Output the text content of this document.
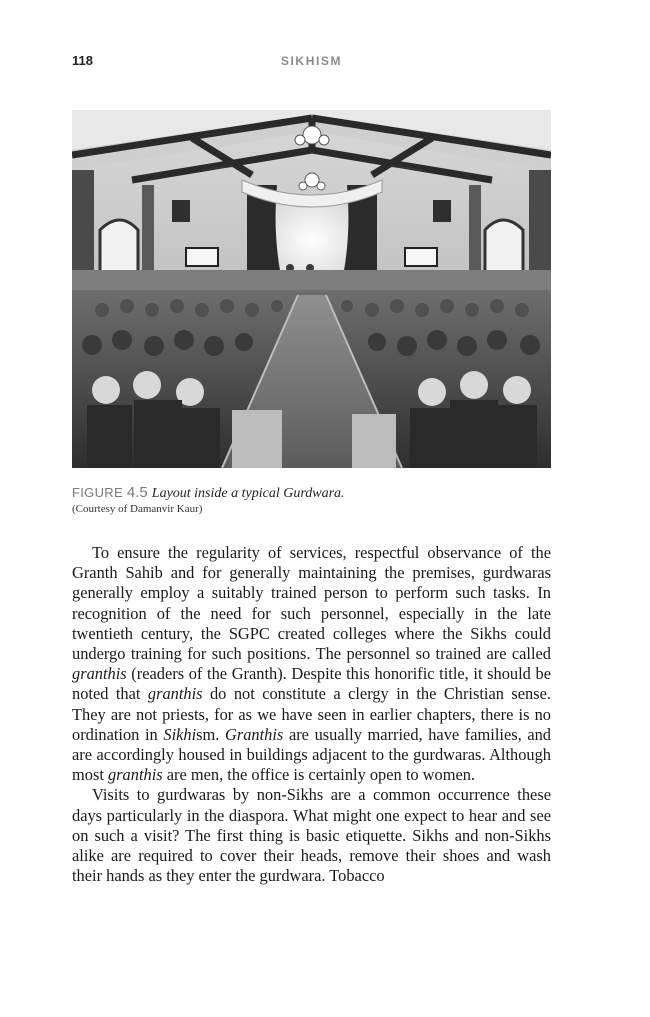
118	SIKHISM
FIGURE 4.5 Layout inside a typical Gurdwara.
(Courtesy of Damanvir Kaur)

To ensure the regularity of services, respectful observance of the Granth Sahib and for generally maintaining the premises, gurdwaras generally employ a suitably trained person to perform such tasks. In recognition of the need for such personnel, especially in the late twentieth century, the SGPC created colleges where the Sikhs could undergo training for such positions. The personnel so trained are called granthis (readers of the Granth). Despite this honorific title, it should be noted that granthis do not constitute a clergy in the Christian sense. They are not priests, for as we have seen in earlier chapters, there is no ordination in Sikhism. Granthis are usually married, have families, and are accordingly housed in buildings adjacent to the gurdwaras. Although most granthis are men, the office is certainly open to women.

Visits to gurdwaras by non-Sikhs are a common occurrence these days particularly in the diaspora. What might one expect to hear and see on such a visit? The first thing is basic etiquette. Sikhs and non-Sikhs alike are required to cover their heads, remove their shoes and wash their hands as they enter the gurdwara. Tobacco
